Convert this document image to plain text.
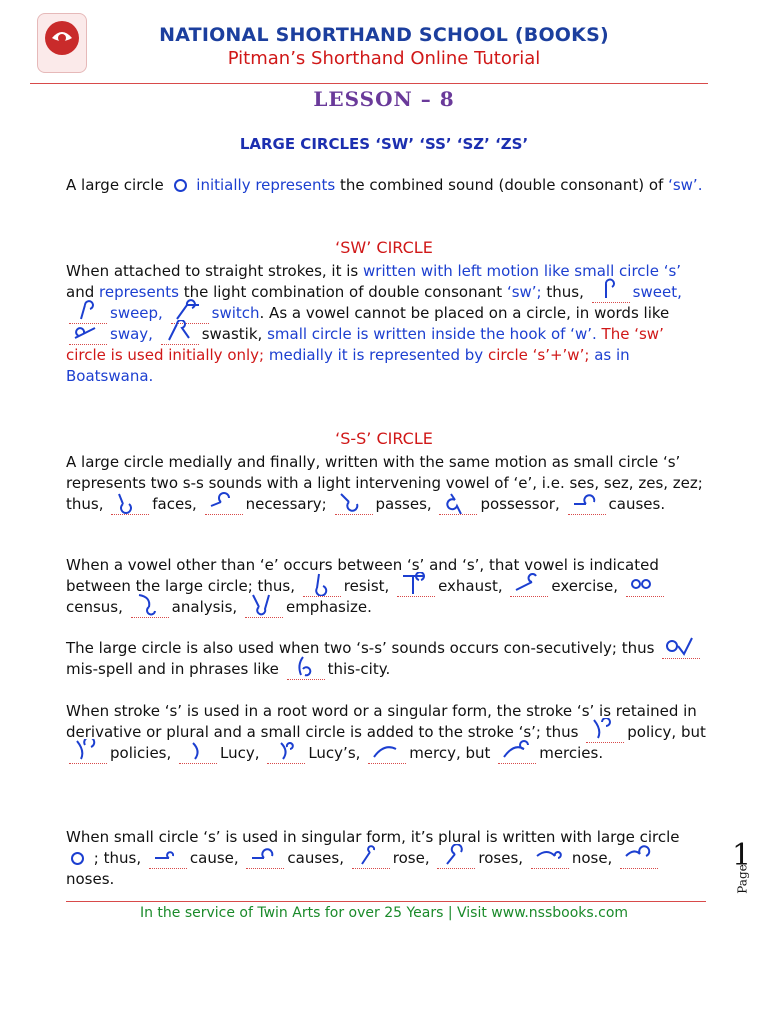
NATIONAL SHORTHAND SCHOOL (BOOKS)
Pitman’s Shorthand Online Tutorial
LESSON – 8
LARGE CIRCLES ‘SW’ ‘SS’ ‘SZ’ ‘ZS’
A large circle initially represents the combined sound (double consonant) of ‘sw’.
‘SW’ CIRCLE
When attached to straight strokes, it is written with left motion like small circle ‘s’ and represents the light combination of double consonant ‘sw’; thus,	sweet,
sweep,	switch. As a vowel cannot be placed on a circle, in words like
sway,	swastik, small circle is written inside the hook of ‘w’. The ‘sw’ circle is used initially only; medially it is represented by circle ‘s’+’w’; as in Boatswana.
‘S-S’ CIRCLE
A large circle medially and finally, written with the same motion as small circle ‘s’ represents two s-s sounds with a light intervening vowel of ‘e’, i.e. ses, sez, zes, zez; thus,	faces,	necessary;	passes,	possessor,	causes.
When a vowel other than ‘e’ occurs between ‘s’ and ‘s’, that vowel is indicated between the large circle; thus,	resist,	exhaust,	exercise,
census,	analysis,	emphasize.
The large circle is also used when two ‘s-s’ sounds occurs con-secutively; thus
mis-spell and in phrases like	this-city.
When stroke ‘s’ is used in a root word or a singular form, the stroke ‘s’ is retained in derivative or plural and a small circle is added to the stroke ‘s’; thus	policy, but
policies,	Lucy,	Lucy’s,	mercy, but	mercies.
When small circle ‘s’ is used in singular form, it’s plural is written with large circle  ; thus,	cause,	causes,	rose,	roses,	nose,
noses.	Page
1
In the service of Twin Arts for over 25 Years | Visit www.nssbooks.com
